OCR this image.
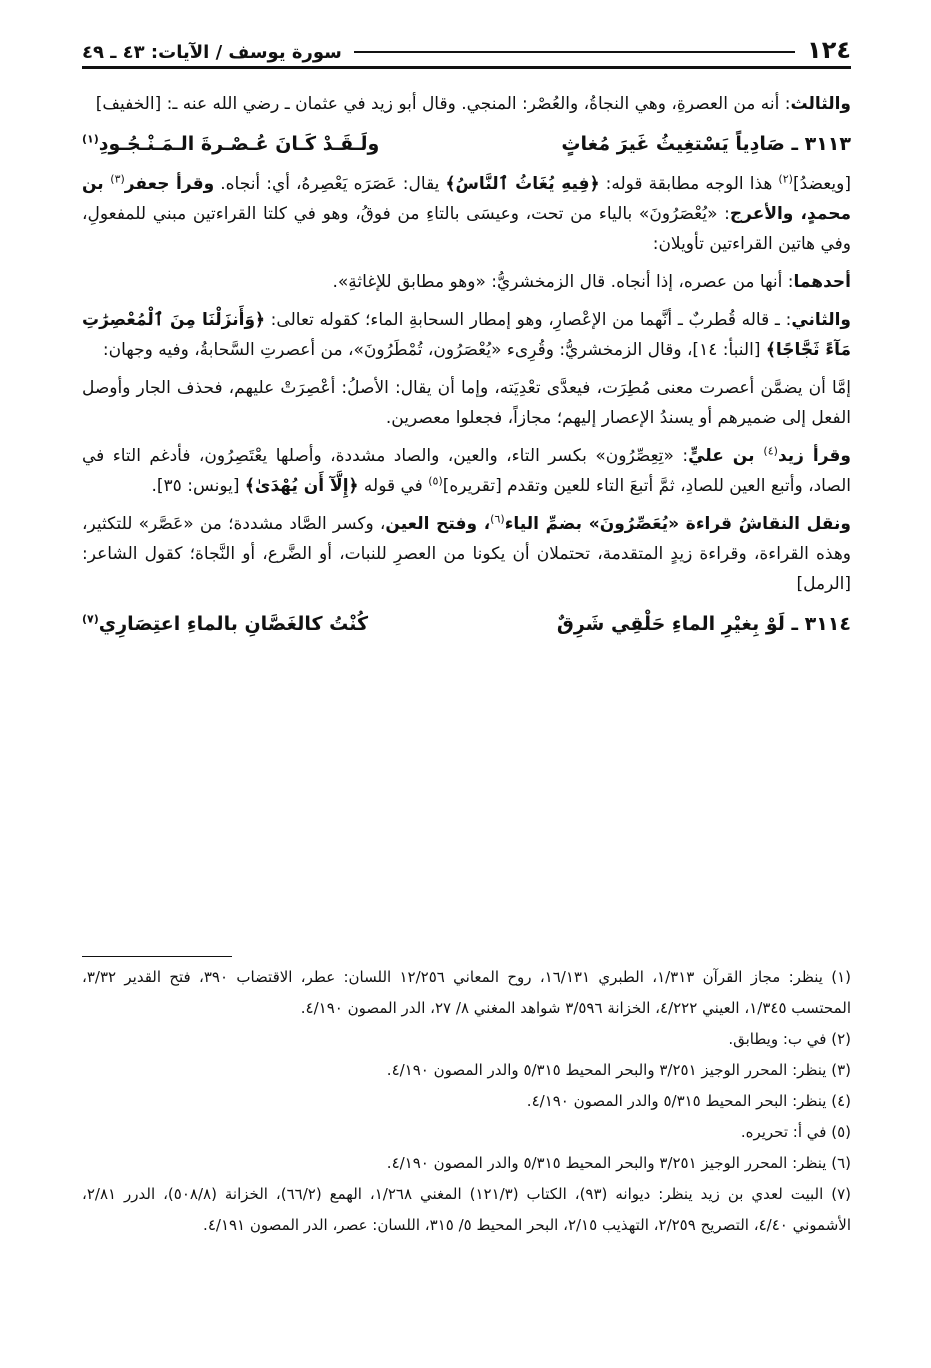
١٢٤
سورة يوسف / الآيات: ٤٣ ـ ٤٩

والثالث: أنه من العصرةِ، وهي النجاةُ، والعُصْر: المنجي. وقال أبو زيد في عثمان ـ رضي الله عنه ـ: [الخفيف]

٣١١٣ ـ صَادِياً يَسْتغِيثُ غَيرَ مُغاثٍ
ولَـقَـدْ كَـانَ عُـصْـرةَ الـمَـنْـجُـودِ$^{(١)}$

[ويعضدُ]$^{(٢)}$ هذا الوجه مطابقة قوله: ﴿فِيهِ يُغَاثُ ٱلنَّاسُ﴾ يقال: عَصَرَه يَعْصِرهُ، أي: أنجاه. وقرأ جعفر$^{(٣)}$ بن محمدٍ، والأعرج: «يُعْصَرُونَ» بالياء من تحت، وعيسَى بالتاءِ من فوقُ، وهو في كلتا القراءتين مبني للمفعولِ، وفي هاتين القراءتين تأويلان:

أحدهما: أنها من عصره، إذا أنجاه. قال الزمخشريُّ: «وهو مطابق للإغاثةِ».

والثاني: ـ قاله قُطربٌ ـ أنَّهما من الإعْصارِ، وهو إمطار السحابةِ الماء؛ كقوله تعالى: ﴿وَأَنزَلْنَا مِنَ ٱلْمُعْصِرَٰتِ مَآءً ثَجَّاجًا﴾ [النبأ: ١٤]، وقال الزمخشريُّ: وقُرِىء «يُعْصَرُون، تُمْطَرُونَ»، من أعصرتِ السَّحابةُ، وفيه وجهان:

إمَّا أن يضمَّن أعصرت معنى مُطِرَت، فيعدَّى تعْدِيَته، وإما أن يقال: الأصلُ: أعْصِرَتْ عليهم، فحذف الجار وأوصل الفعل إلى ضميرهم أو يسندُ الإعصار إليهم؛ مجازاً، فجعلوا معصرين.

وقرأ زيد$^{(٤)}$ بن عليٍّ: «تِعِصِّرُون» بكسر التاء، والعين، والصاد مشددة، وأصلها يعْتَصِرُون، فأدغم التاء في الصاد، وأتبع العين للصادِ، ثمَّ أتبعَ التاء للعين وتقدم [تقريره]$^{(٥)}$ في قوله ﴿إِلَّآ أَن يُهْدَىٰ﴾ [يونس: ٣٥].

ونقل النقاشُ قراءة «يُعَصِّرُونَ» بضمِّ الياء$^{(٦)}$، وفتح العين، وكسر الصَّاد مشددة؛ من «عَصَّر» للتكثير، وهذه القراءة، وقراءة زيدٍ المتقدمة، تحتملان أن يكونا من العصرِ للنبات، أو الضَّرع، أو النَّجاة؛ كقول الشاعر: [الرمل]

٣١١٤ ـ لَوْ بِغيْرِ الماءِ حَلْقِي شَرِقٌ
كُنْتُ كالغَصَّانِ بالماءِ اعتِصَارِي$^{(٧)}$

(١) ينظر: مجاز القرآن ١/٣١٣، الطبري ١٦/١٣١، روح المعاني ١٢/٢٥٦ اللسان: عطر، الاقتضاب ٣٩٠، فتح القدير ٣/٣٢، المحتسب ١/٣٤٥، العيني ٤/٢٢٢، الخزانة ٣/٥٩٦ شواهد المغني ٨/ ٢٧، الدر المصون ٤/١٩٠.

(٢) في ب: ويطابق.

(٣) ينظر: المحرر الوجيز ٣/٢٥١ والبحر المحيط ٥/٣١٥ والدر المصون ٤/١٩٠.

(٤) ينظر: البحر المحيط ٥/٣١٥ والدر المصون ٤/١٩٠.

(٥) في أ: تحريره.

(٦) ينظر: المحرر الوجيز ٣/٢٥١ والبحر المحيط ٥/٣١٥ والدر المصون ٤/١٩٠.

(٧) البيت لعدي بن زيد ينظر: ديوانه (٩٣)، الكتاب (١٢١/٣) المغني ١/٢٦٨، الهمع (٦٦/٢)، الخزانة (٥٠٨/٨)، الدرر ٢/٨١، الأشموني ٤/٤٠، التصريح ٢/٢٥٩، التهذيب ٢/١٥، البحر المحيط ٥/ ٣١٥، اللسان: عصر، الدر المصون ٤/١٩١.
